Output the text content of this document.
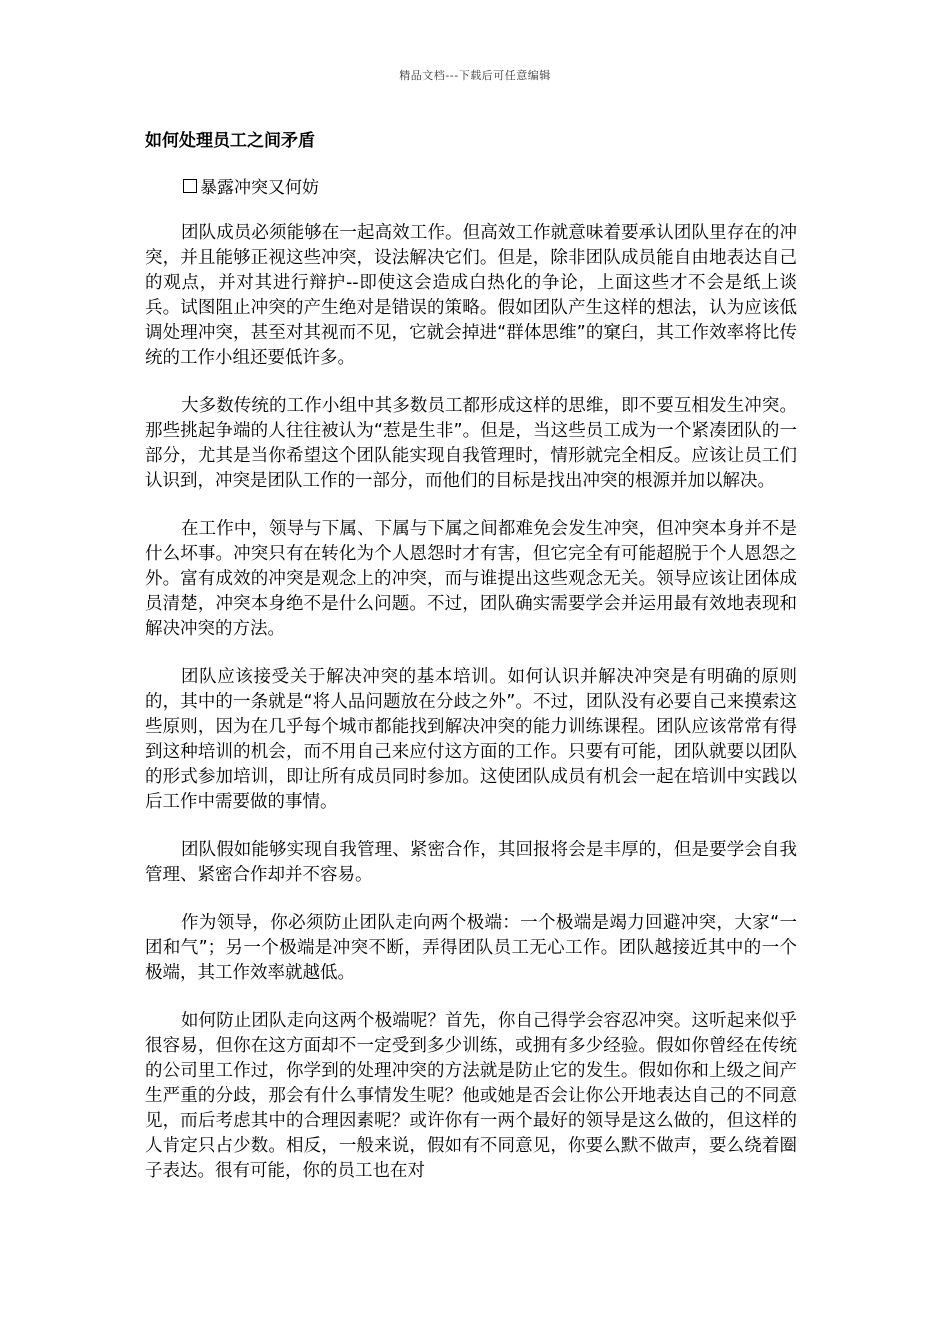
精品文档---下载后可任意编辑
如何处理员工之间矛盾
暴露冲突又何妨

团队成员必须能够在一起高效工作。但高效工作就意味着要承认团队里存在的冲突，并且能够正视这些冲突，设法解决它们。但是，除非团队成员能自由地表达自己的观点，并对其进行辩护--即使这会造成白热化的争论，上面这些才不会是纸上谈兵。试图阻止冲突的产生绝对是错误的策略。假如团队产生这样的想法，认为应该低调处理冲突，甚至对其视而不见，它就会掉进“群体思维”的窠臼，其工作效率将比传统的工作小组还要低许多。

大多数传统的工作小组中其多数员工都形成这样的思维，即不要互相发生冲突。那些挑起争端的人往往被认为“惹是生非”。但是，当这些员工成为一个紧凑团队的一部分，尤其是当你希望这个团队能实现自我管理时，情形就完全相反。应该让员工们认识到，冲突是团队工作的一部分，而他们的目标是找出冲突的根源并加以解决。

在工作中，领导与下属、下属与下属之间都难免会发生冲突，但冲突本身并不是什么坏事。冲突只有在转化为个人恩怨时才有害，但它完全有可能超脱于个人恩怨之外。富有成效的冲突是观念上的冲突，而与谁提出这些观念无关。领导应该让团体成员清楚，冲突本身绝不是什么问题。不过，团队确实需要学会并运用最有效地表现和解决冲突的方法。

团队应该接受关于解决冲突的基本培训。如何认识并解决冲突是有明确的原则的，其中的一条就是“将人品问题放在分歧之外”。不过，团队没有必要自己来摸索这些原则，因为在几乎每个城市都能找到解决冲突的能力训练课程。团队应该常常有得到这种培训的机会，而不用自己来应付这方面的工作。只要有可能，团队就要以团队的形式参加培训，即让所有成员同时参加。这使团队成员有机会一起在培训中实践以后工作中需要做的事情。

团队假如能够实现自我管理、紧密合作，其回报将会是丰厚的，但是要学会自我管理、紧密合作却并不容易。

作为领导，你必须防止团队走向两个极端：一个极端是竭力回避冲突，大家“一团和气”；另一个极端是冲突不断，弄得团队员工无心工作。团队越接近其中的一个极端，其工作效率就越低。

如何防止团队走向这两个极端呢？首先，你自己得学会容忍冲突。这听起来似乎很容易，但你在这方面却不一定受到多少训练，或拥有多少经验。假如你曾经在传统的公司里工作过，你学到的处理冲突的方法就是防止它的发生。假如你和上级之间产生严重的分歧，那会有什么事情发生呢？他或她是否会让你公开地表达自己的不同意见，而后考虑其中的合理因素呢？或许你有一两个最好的领导是这么做的，但这样的人肯定只占少数。相反，一般来说，假如有不同意见，你要么默不做声，要么绕着圈子表达。很有可能，你的员工也在对
